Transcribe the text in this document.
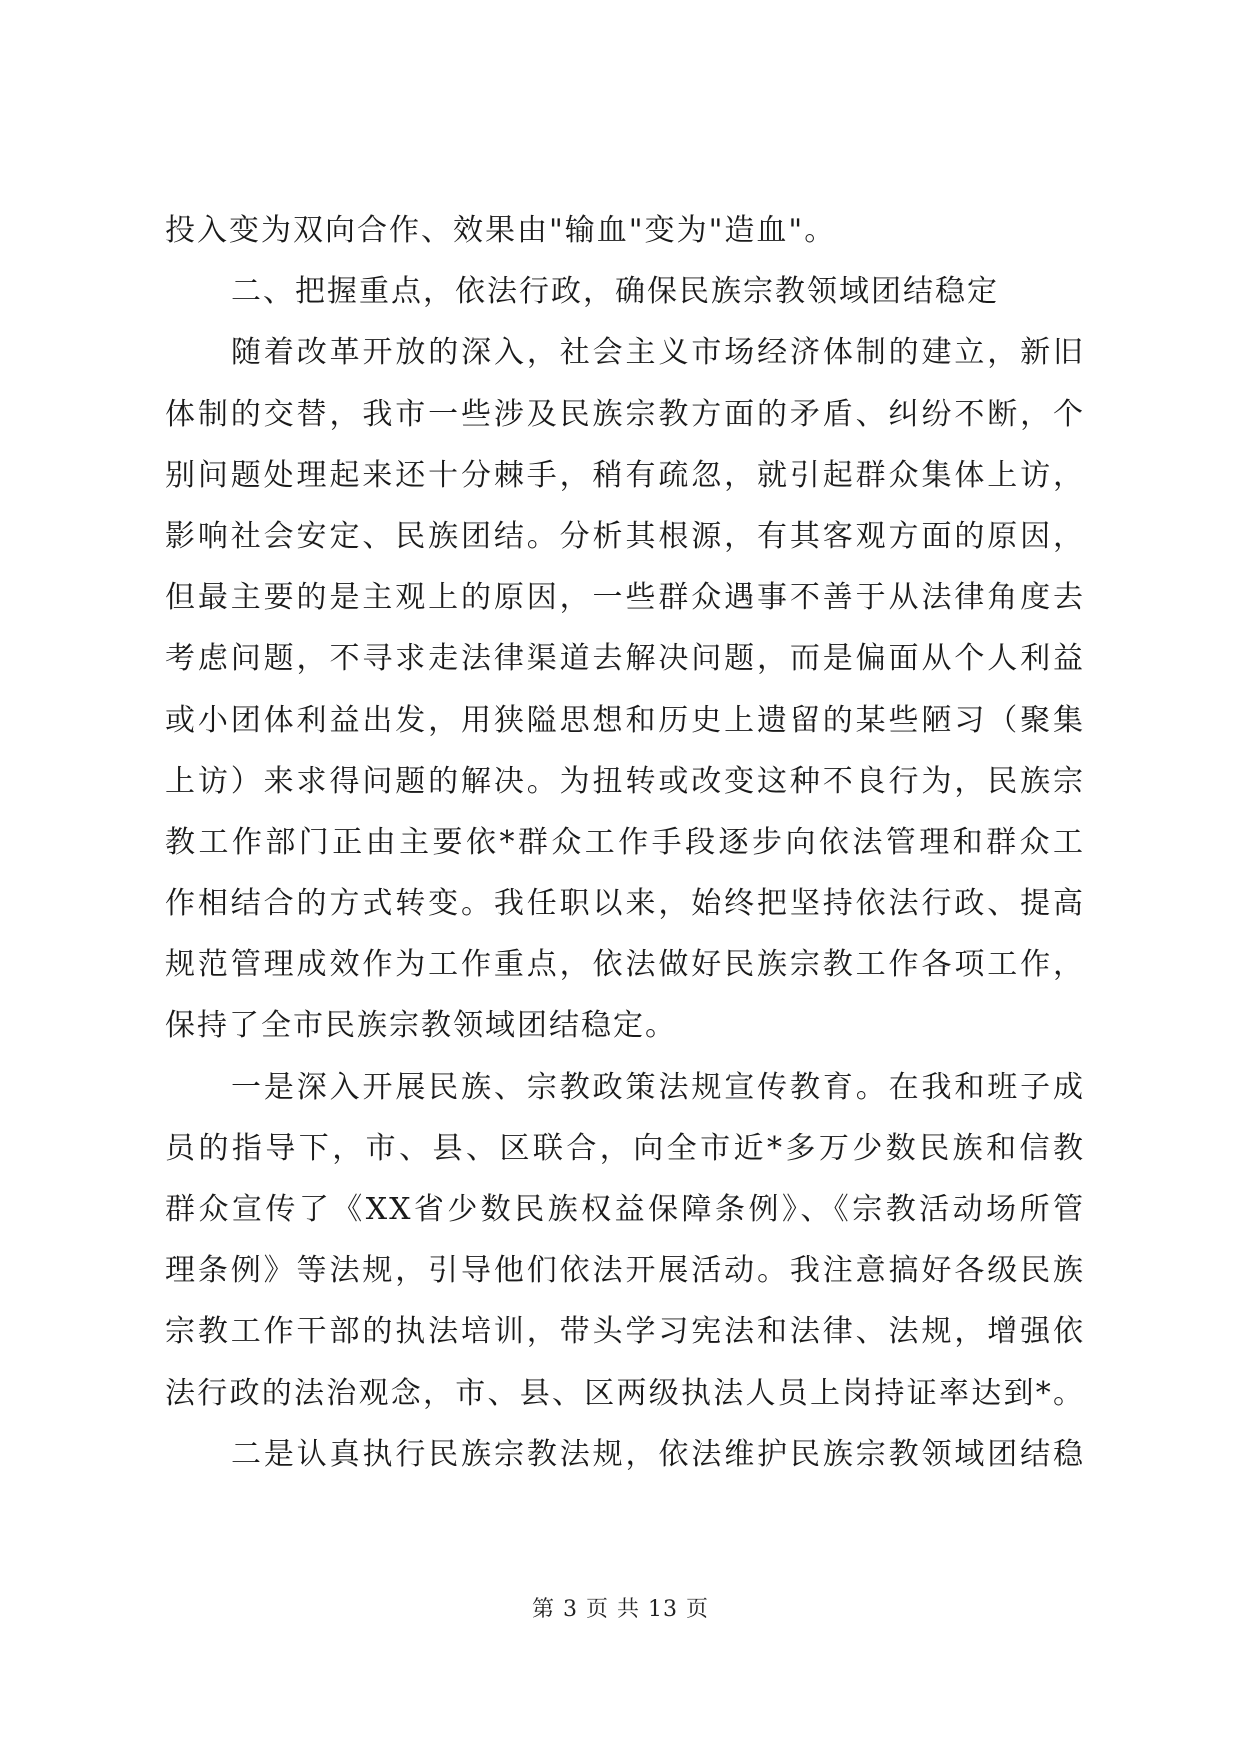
投入变为双向合作、效果由"输血"变为"造血"。
二、把握重点，依法行政，确保民族宗教领域团结稳定
随着改革开放的深入，社会主义市场经济体制的建立，新旧
体制的交替，我市一些涉及民族宗教方面的矛盾、纠纷不断，个
别问题处理起来还十分棘手，稍有疏忽，就引起群众集体上访，
影响社会安定、民族团结。分析其根源，有其客观方面的原因，
但最主要的是主观上的原因，一些群众遇事不善于从法律角度去
考虑问题，不寻求走法律渠道去解决问题，而是偏面从个人利益
或小团体利益出发，用狭隘思想和历史上遗留的某些陋习（聚集
上访）来求得问题的解决。为扭转或改变这种不良行为，民族宗
教工作部门正由主要依*群众工作手段逐步向依法管理和群众工
作相结合的方式转变。我任职以来，始终把坚持依法行政、提高
规范管理成效作为工作重点，依法做好民族宗教工作各项工作，
保持了全市民族宗教领域团结稳定。
一是深入开展民族、宗教政策法规宣传教育。在我和班子成
员的指导下，市、县、区联合，向全市近*多万少数民族和信教
群众宣传了《XX省少数民族权益保障条例》、《宗教活动场所管
理条例》等法规，引导他们依法开展活动。我注意搞好各级民族
宗教工作干部的执法培训，带头学习宪法和法律、法规，增强依
法行政的法治观念，市、县、区两级执法人员上岗持证率达到*。
二是认真执行民族宗教法规，依法维护民族宗教领域团结稳
第 3 页 共 13 页
